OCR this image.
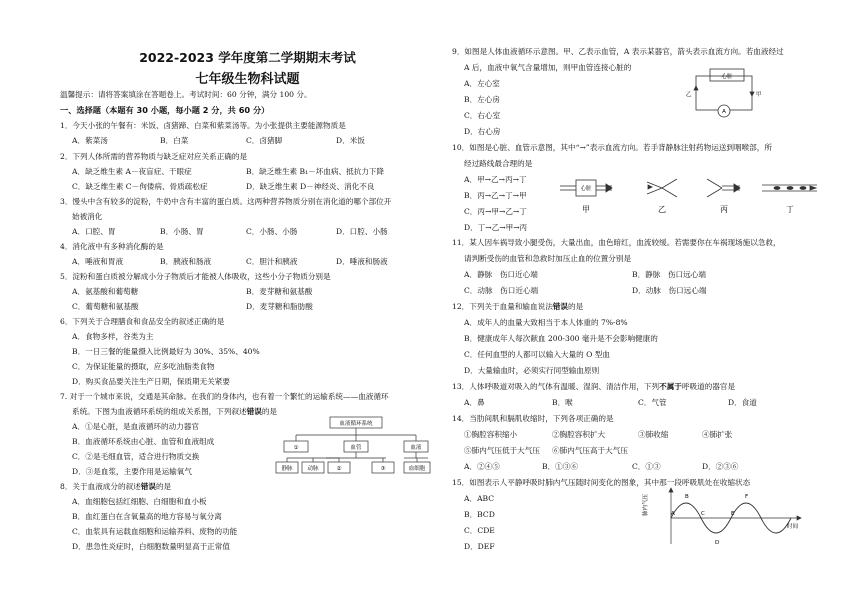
2022-2023 学年度第二学期期末考试
七年级生物科试题
温馨提示：请将答案填涂在答题卷上。考试时间：60 分钟，满分 100 分。
一、选择题（本题有 30 小题，每小题 2 分，共 60 分）
1．今天小张的午餐有：米饭、卤猪蹄、白菜和紫菜汤等。为小张提供主要能源物质是
A．紫菜汤	B．白菜	C．卤猪脚	D．米饭
2．下列人体所需的营养物质与缺乏症对应关系正确的是
A．缺乏维生素 A－夜盲症、干眼症	B．缺乏维生素 B₁－坏血病、抵抗力下降
C．缺乏维生素 C－佝偻病、骨质疏松症	D．缺乏维生素 D－神经炎、消化不良
3．馒头中含有较多的淀粉，牛奶中含有丰富的蛋白质。这两种营养物质分别在消化道的哪个部位开
始被消化
A．口腔、胃	B．小肠、胃	C．小肠、小肠	D．口腔、小肠
4．消化液中有多种消化酶的是
A．唾液和胃液	B．胰液和肠液	C．胆汁和胰液	D．唾液和肠液
5．淀粉和蛋白质被分解成小分子物质后才能被人体吸收，这些小分子物质分别是
A．氨基酸和葡萄糖	B．麦芽糖和氨基酸
C．葡萄糖和氨基酸	D．麦芽糖和脂肪酸
6．下列关于合理膳食和食品安全的叙述正确的是
A．食物多样，谷类为主
B．一日三餐的能量摄入比例最好为 30%、35%、40%
C．为保证能量的摄取，应多吃油脂类食物
D．购买食品要关注生产日期，保质期无关紧要
7. 对于一个城市来说，交通是其命脉。在我们的身体内，也有着一个繁忙的运输系统——血液循环
系统。下图为血液循环系统的组成关系图，下列叙述错误的是
A．①是心脏，是血液循环的动力器官
B．血液循环系统由心脏、血管和血液组成
C．②是毛细血管，适合进行物质交换
D．③是血浆，主要作用是运输氧气
血液循环系统
①	血管	血液
静脉	动脉	②	③	血细胞
8．关于血液成分的叙述错误的是
A．血细胞包括红细胞、白细胞和血小板
B．血红蛋白在含氧量高的地方容易与氧分离
C．血浆具有运载血细胞和运输养料、废物的功能
D．患急性炎症时，白细胞数量明显高于正常值
9．如图是人体血液循环示意图。甲、乙表示血管，A 表示某器官，箭头表示血流方向。若血液经过
A 后，血液中氧气含量增加，则甲血管连接心脏的
A．左心室
B．左心房
C．右心室
D．右心房
心脏
A
乙	甲
10．如图是心脏、血管示意图，其中“→”表示血流方向。若手背静脉注射药物运送到咽喉部，所
经过路线最合理的是
A．甲→乙→丙→丁
B．丙→乙→丁→甲
C．丙→甲→乙→丁
D．丁→乙→甲→丙
心脏
甲	乙	丙	丁
11．某人因车祸导致小腿受伤，大量出血，血色暗红，血流较缓。若需要你在车祸现场施以急救，
请判断受伤的血管和急救时加压止血的位置分别是
A．静脉　伤口近心端	B．静脉　伤口远心端
C．动脉　伤口近心端	D．动脉　伤口远心端
12．下列关于血量和输血说法错误的是
A．成年人的血量大致相当于本人体重的 7%-8%
B．健康成年人每次献血 200-300 毫升是不会影响健康的
C．任何血型的人都可以输入大量的 O 型血
D．大量输血时，必须实行同型输血原则
13．人体呼吸道对吸入的气体有温暖、湿润、清洁作用，下列不属于呼吸道的器官是
A．鼻	B．喉	C．气管	D．食道
14．当肋间肌和膈肌收缩时，下列各项正确的是
①胸腔容积缩小	②胸腔容积扩大	③肺收缩	④肺扩张
⑤肺内气压低于大气压 ⑥肺内气压高于大气压
A．②④⑤	B．①③⑥	C．①③	D．②③⑥
15．如图表示人平静呼吸时肺内气压随时间变化的图象，其中那一段呼吸肌处在收缩状态
A．ABC
B．BCD
C．CDE
D．DEF
肺内气压
时间
A
B
C
D
E
F
